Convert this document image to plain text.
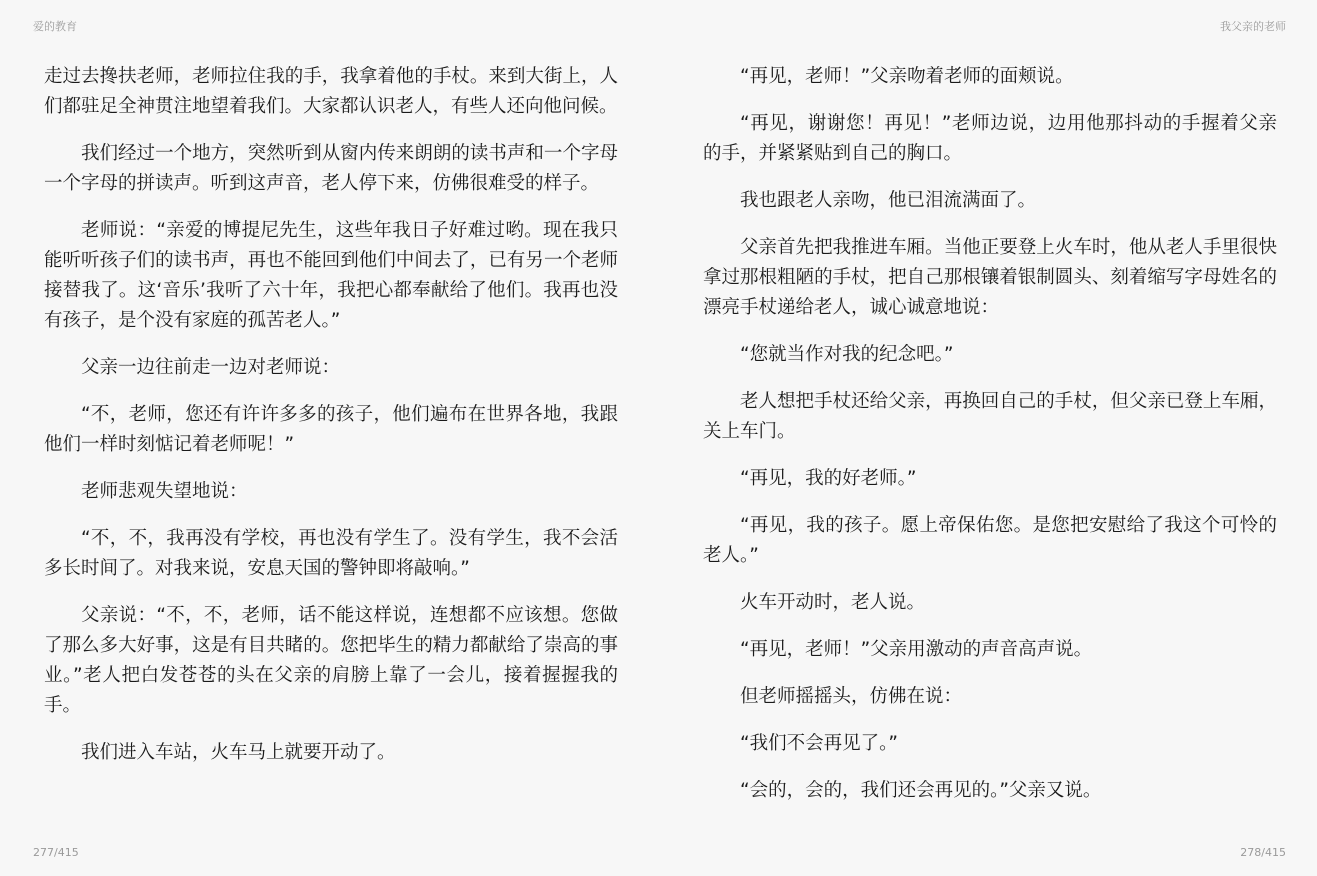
爱的教育

走过去搀扶老师，老师拉住我的手，我拿着他的手杖。来到大街上，人们都驻足全神贯注地望着我们。大家都认识老人，有些人还向他问候。

我们经过一个地方，突然听到从窗内传来朗朗的读书声和一个字母一个字母的拼读声。听到这声音，老人停下来，仿佛很难受的样子。

老师说：“亲爱的博提尼先生，这些年我日子好难过哟。现在我只能听听孩子们的读书声，再也不能回到他们中间去了，已有另一个老师接替我了。这‘音乐’我听了六十年，我把心都奉献给了他们。我再也没有孩子，是个没有家庭的孤苦老人。”

父亲一边往前走一边对老师说：

“不，老师，您还有许许多多的孩子，他们遍布在世界各地，我跟他们一样时刻惦记着老师呢！”

老师悲观失望地说：

“不，不，我再没有学校，再也没有学生了。没有学生，我不会活多长时间了。对我来说，安息天国的警钟即将敲响。”

父亲说：“不，不，老师，话不能这样说，连想都不应该想。您做了那么多大好事，这是有目共睹的。您把毕生的精力都献给了崇高的事业。”老人把白发苍苍的头在父亲的肩膀上靠了一会儿，接着握握我的手。

我们进入车站，火车马上就要开动了。

277/415
我父亲的老师

“再见，老师！”父亲吻着老师的面颊说。

“再见，谢谢您！再见！”老师边说，边用他那抖动的手握着父亲的手，并紧紧贴到自己的胸口。

我也跟老人亲吻，他已泪流满面了。

父亲首先把我推进车厢。当他正要登上火车时，他从老人手里很快拿过那根粗陋的手杖，把自己那根镶着银制圆头、刻着缩写字母姓名的漂亮手杖递给老人，诚心诚意地说：

“您就当作对我的纪念吧。”

老人想把手杖还给父亲，再换回自己的手杖，但父亲已登上车厢，关上车门。

“再见，我的好老师。”

“再见，我的孩子。愿上帝保佑您。是您把安慰给了我这个可怜的老人。”

火车开动时，老人说。

“再见，老师！”父亲用激动的声音高声说。

但老师摇摇头，仿佛在说：

“我们不会再见了。”

“会的，会的，我们还会再见的。”父亲又说。

278/415
